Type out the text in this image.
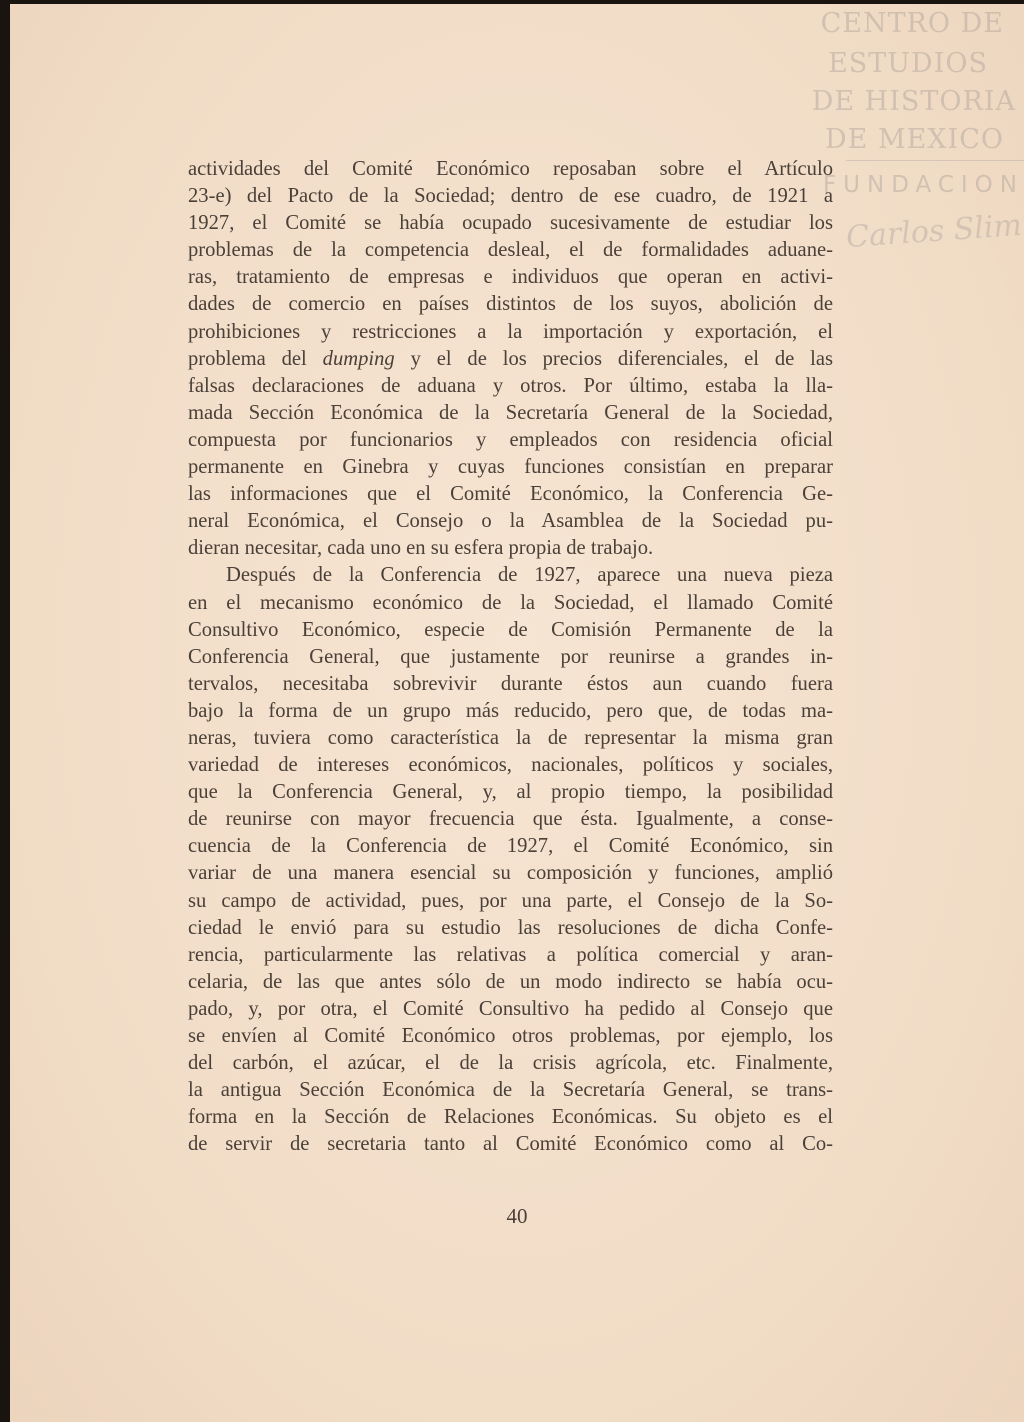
CENTRO DE
ESTUDIOS
DE HISTORIA
DE MEXICO
FUNDACION
Carlos Slim
actividades del Comité Económico reposaban sobre el Artículo
23-e) del Pacto de la Sociedad; dentro de ese cuadro, de 1921 a
1927, el Comité se había ocupado sucesivamente de estudiar los
problemas de la competencia desleal, el de formalidades aduane-
ras, tratamiento de empresas e individuos que operan en activi-
dades de comercio en países distintos de los suyos, abolición de
prohibiciones y restricciones a la importación y exportación, el
problema del dumping y el de los precios diferenciales, el de las
falsas declaraciones de aduana y otros. Por último, estaba la lla-
mada Sección Económica de la Secretaría General de la Sociedad,
compuesta por funcionarios y empleados con residencia oficial
permanente en Ginebra y cuyas funciones consistían en preparar
las informaciones que el Comité Económico, la Conferencia Ge-
neral Económica, el Consejo o la Asamblea de la Sociedad pu-
dieran necesitar, cada uno en su esfera propia de trabajo.
Después de la Conferencia de 1927, aparece una nueva pieza
en el mecanismo económico de la Sociedad, el llamado Comité
Consultivo Económico, especie de Comisión Permanente de la
Conferencia General, que justamente por reunirse a grandes in-
tervalos, necesitaba sobrevivir durante éstos aun cuando fuera
bajo la forma de un grupo más reducido, pero que, de todas ma-
neras, tuviera como característica la de representar la misma gran
variedad de intereses económicos, nacionales, políticos y sociales,
que la Conferencia General, y, al propio tiempo, la posibilidad
de reunirse con mayor frecuencia que ésta. Igualmente, a conse-
cuencia de la Conferencia de 1927, el Comité Económico, sin
variar de una manera esencial su composición y funciones, amplió
su campo de actividad, pues, por una parte, el Consejo de la So-
ciedad le envió para su estudio las resoluciones de dicha Confe-
rencia, particularmente las relativas a política comercial y aran-
celaria, de las que antes sólo de un modo indirecto se había ocu-
pado, y, por otra, el Comité Consultivo ha pedido al Consejo que
se envíen al Comité Económico otros problemas, por ejemplo, los
del carbón, el azúcar, el de la crisis agrícola, etc. Finalmente,
la antigua Sección Económica de la Secretaría General, se trans-
forma en la Sección de Relaciones Económicas. Su objeto es el
de servir de secretaria tanto al Comité Económico como al Co-
40
